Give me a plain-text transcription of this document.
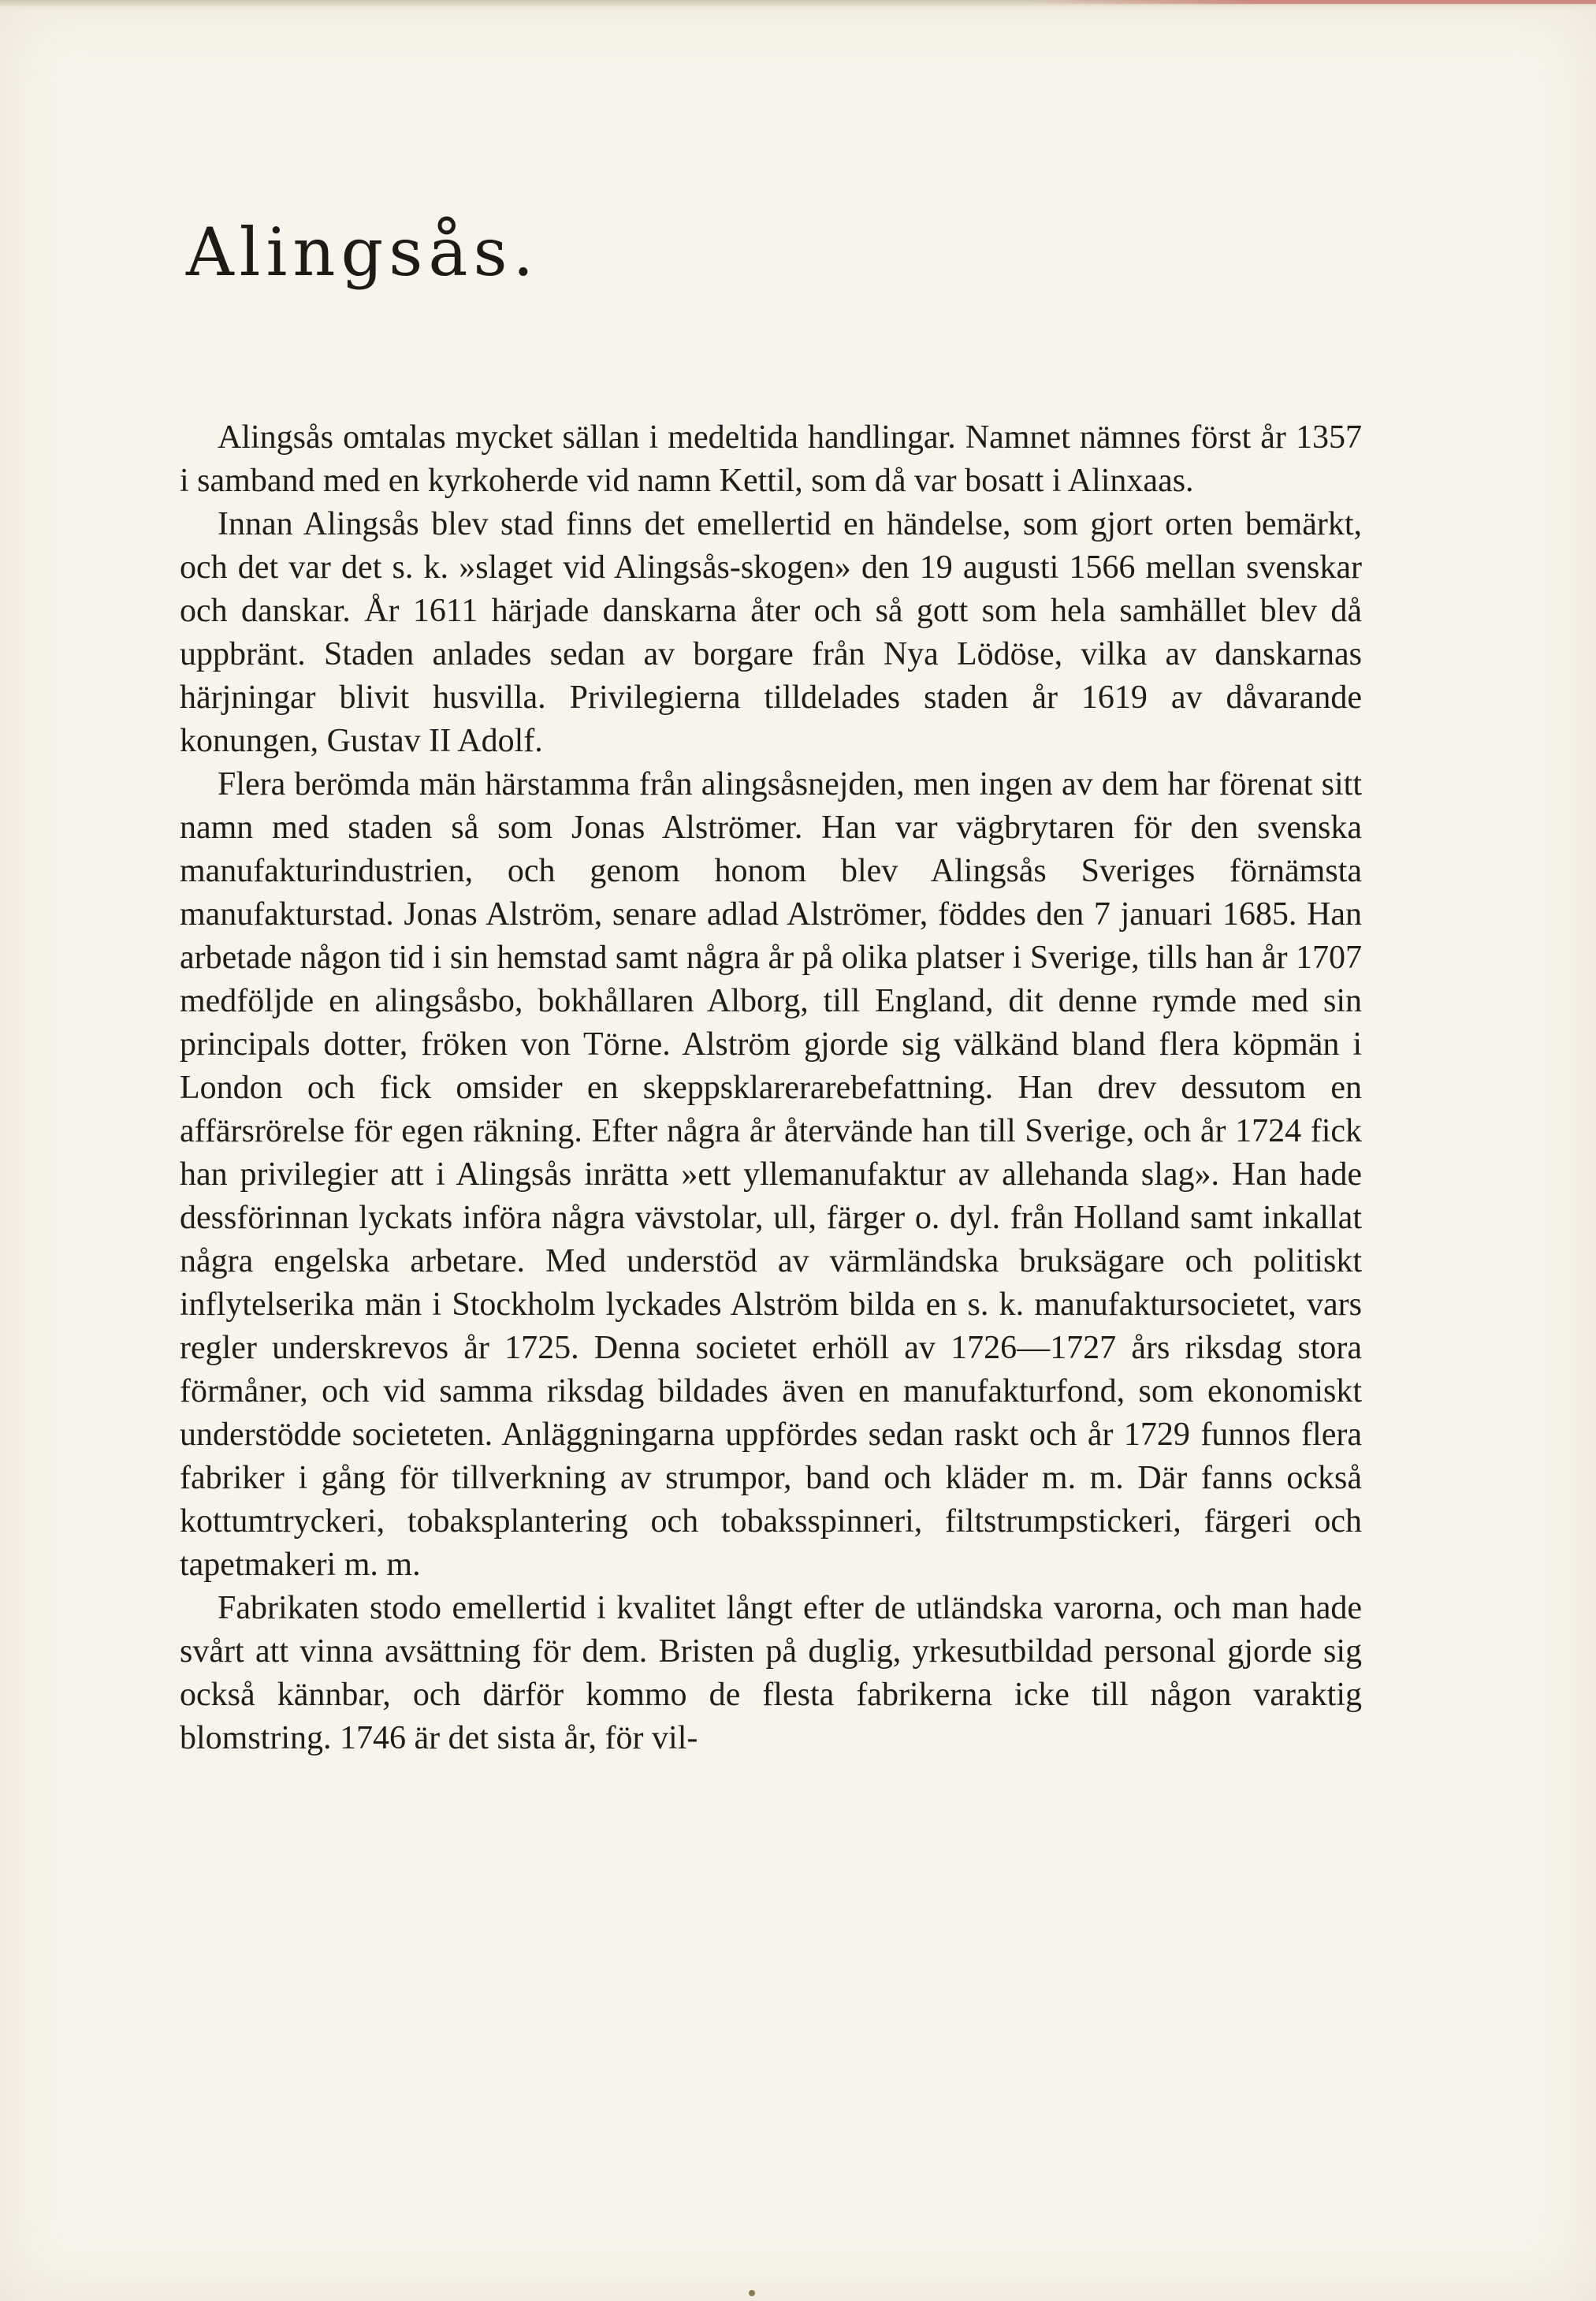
Alingsås.

Alingsås omtalas mycket sällan i medeltida handlingar. Namnet nämnes först år 1357 i samband med en kyrkoherde vid namn Kettil, som då var bosatt i Alinxaas.

Innan Alingsås blev stad finns det emellertid en händelse, som gjort orten bemärkt, och det var det s. k. »slaget vid Alingsås-skogen» den 19 augusti 1566 mellan svenskar och danskar. År 1611 härjade danskarna åter och så gott som hela samhället blev då uppbränt. Staden anlades sedan av borgare från Nya Lödöse, vilka av danskarnas härjningar blivit husvilla. Privilegierna tilldelades staden år 1619 av dåvarande konungen, Gustav II Adolf.

Flera berömda män härstamma från alingsåsnejden, men ingen av dem har förenat sitt namn med staden så som Jonas Alströmer. Han var vägbrytaren för den svenska manufakturindustrien, och genom honom blev Alingsås Sveriges förnämsta manufakturstad. Jonas Alström, senare adlad Alströmer, föddes den 7 januari 1685. Han arbetade någon tid i sin hemstad samt några år på olika platser i Sverige, tills han år 1707 medföljde en alingsåsbo, bokhållaren Alborg, till England, dit denne rymde med sin principals dotter, fröken von Törne. Alström gjorde sig välkänd bland flera köpmän i London och fick omsider en skeppsklarerarebefattning. Han drev dessutom en affärsrörelse för egen räkning. Efter några år återvände han till Sverige, och år 1724 fick han privilegier att i Alingsås inrätta »ett yllemanufaktur av allehanda slag». Han hade dessförinnan lyckats införa några vävstolar, ull, färger o. dyl. från Holland samt inkallat några engelska arbetare. Med understöd av värmländska bruksägare och politiskt inflytelserika män i Stockholm lyckades Alström bilda en s. k. manufaktursocietet, vars regler underskrevos år 1725. Denna societet erhöll av 1726—1727 års riksdag stora förmåner, och vid samma riksdag bildades även en manufakturfond, som ekonomiskt understödde societeten. Anläggningarna uppfördes sedan raskt och år 1729 funnos flera fabriker i gång för tillverkning av strumpor, band och kläder m. m. Där fanns också kottumtryckeri, tobaksplantering och tobaksspinneri, filtstrumpstickeri, färgeri och tapetmakeri m. m.

Fabrikaten stodo emellertid i kvalitet långt efter de utländska varorna, och man hade svårt att vinna avsättning för dem. Bristen på duglig, yrkesutbildad personal gjorde sig också kännbar, och därför kommo de flesta fabrikerna icke till någon varaktig blomstring. 1746 är det sista år, för vil-
